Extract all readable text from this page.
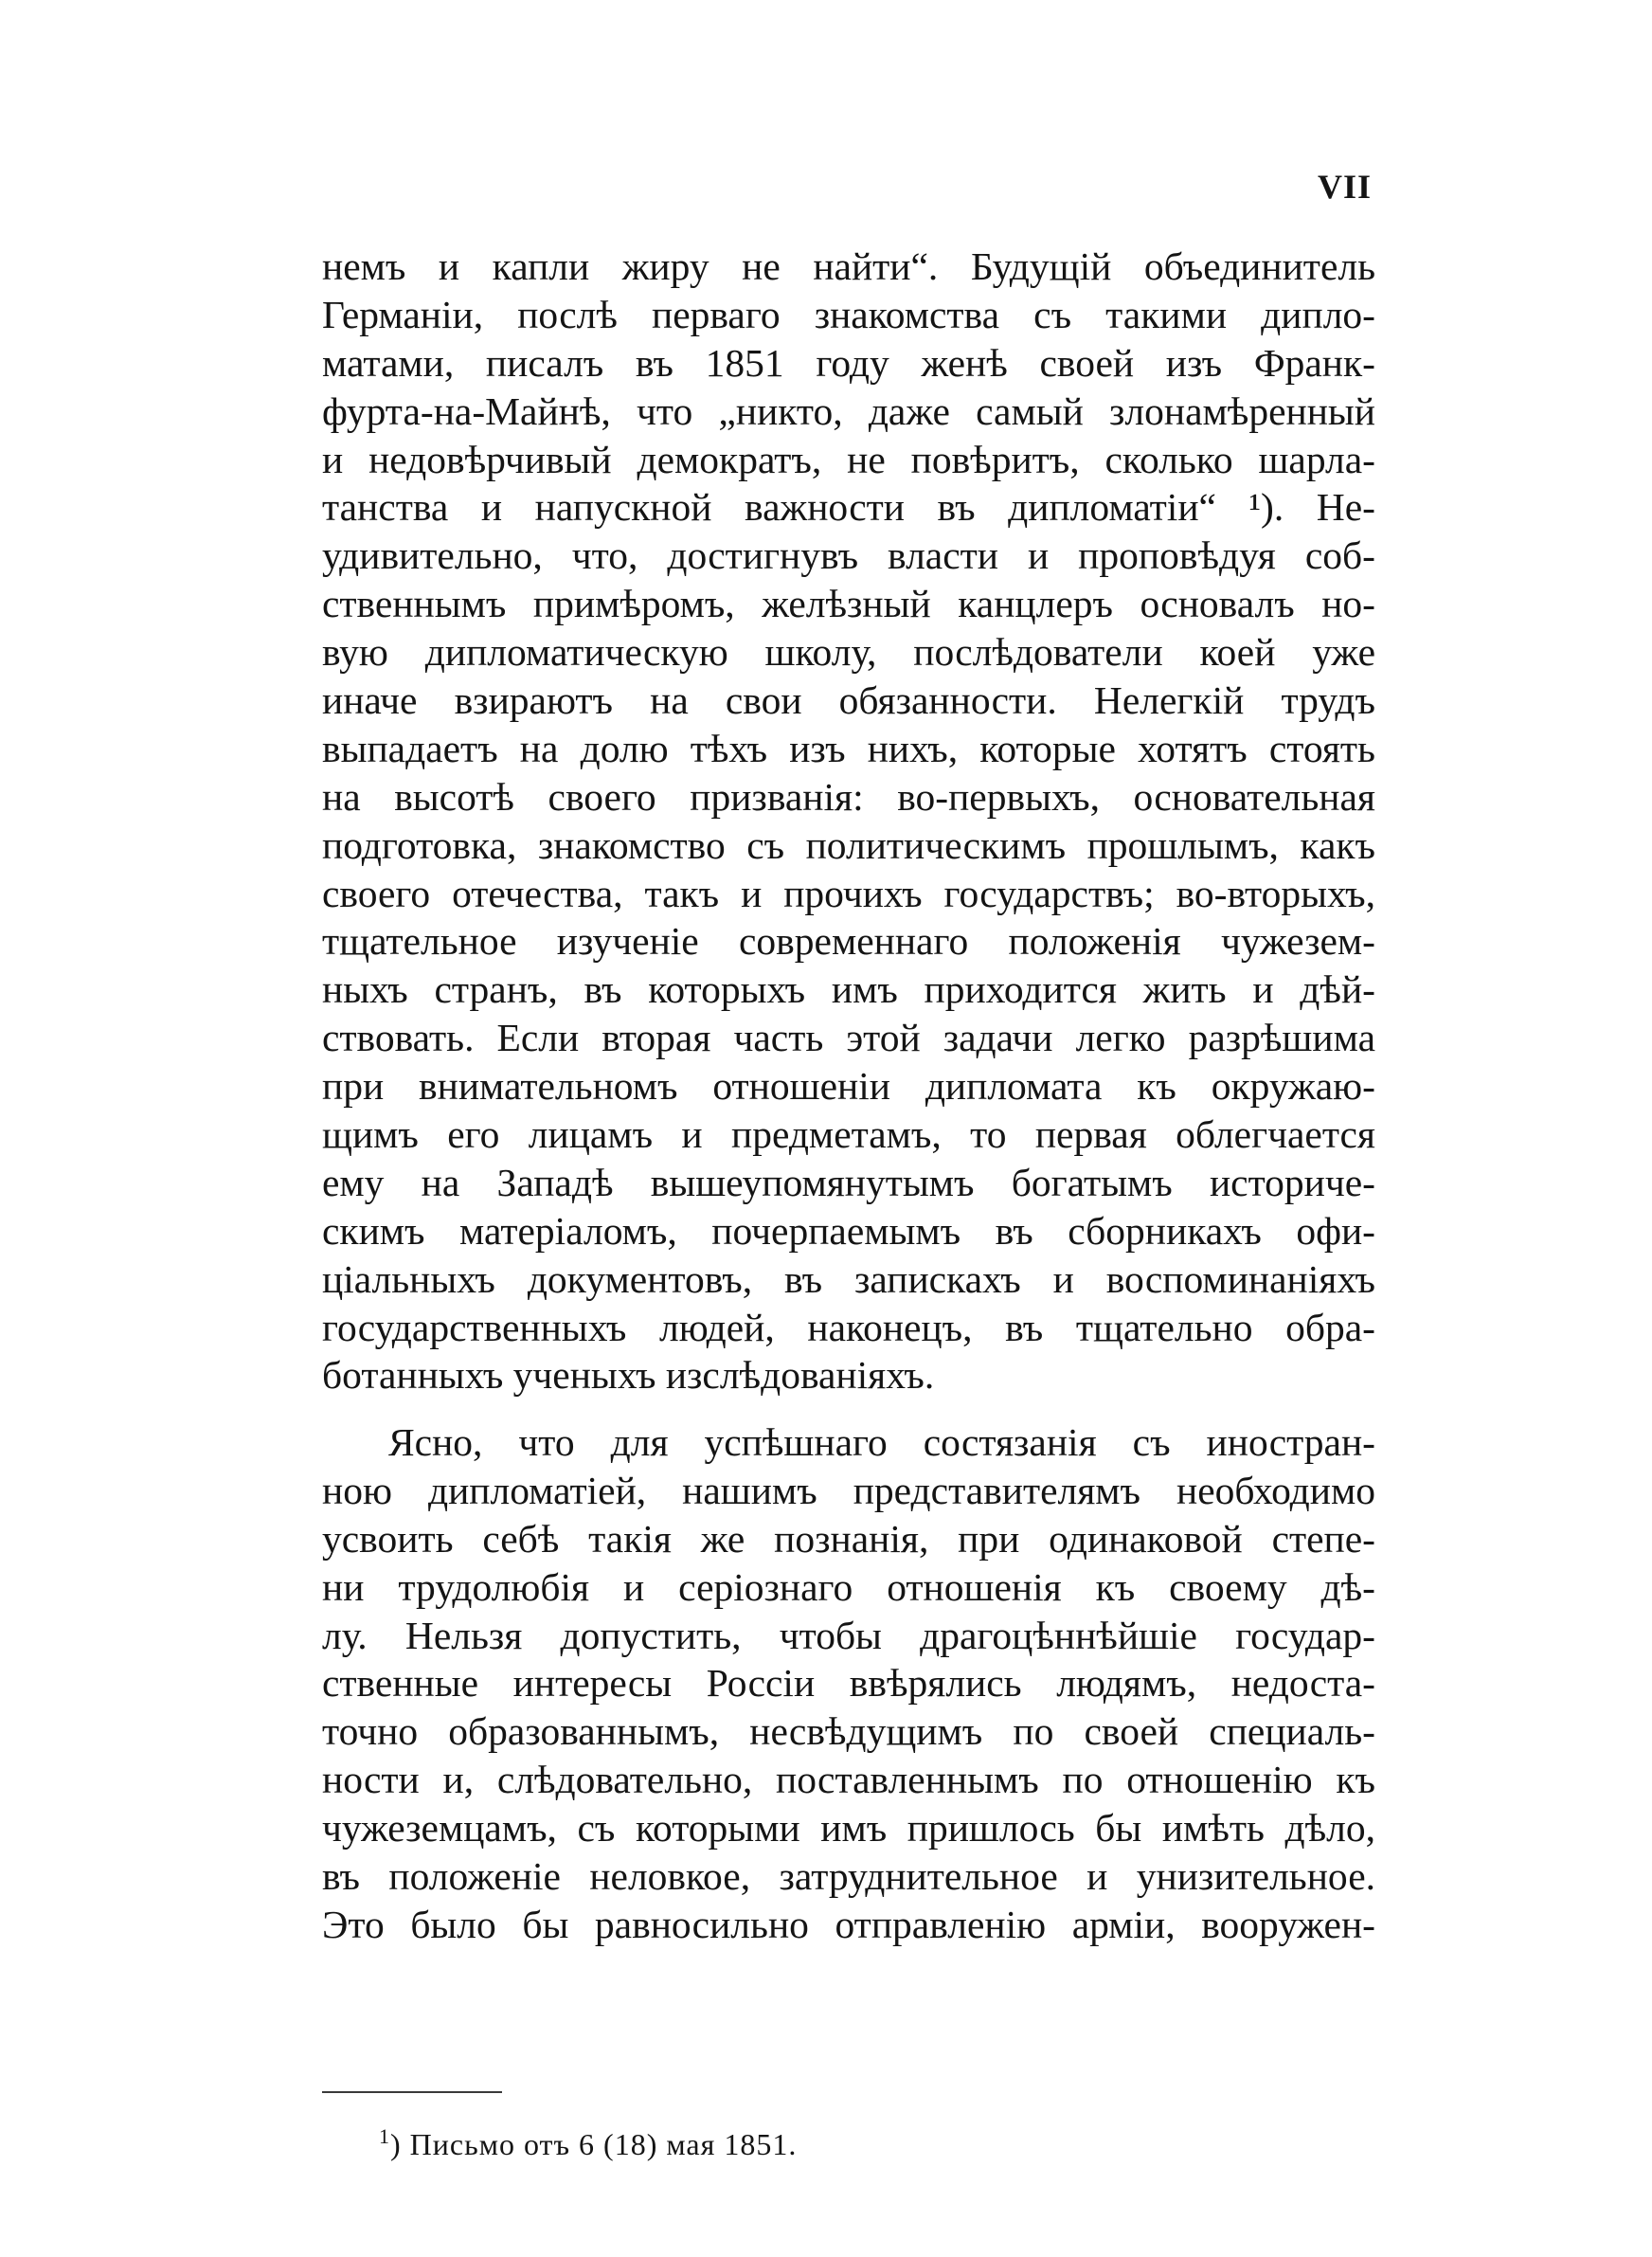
VII
немъ и капли жиру не найти“. Будущій объединитель
Германіи, послѣ перваго знакомства съ такими дипло-
матами, писалъ въ 1851 году женѣ своей изъ Франк-
фурта-на-Майнѣ, что „никто, даже самый злонамѣренный
и недовѣрчивый демократъ, не повѣритъ, сколько шарла-
танства и напускной важности въ дипломатіи“ ¹). Не-
удивительно, что, достигнувъ власти и проповѣдуя соб-
ственнымъ примѣромъ, желѣзный канцлеръ основалъ но-
вую дипломатическую школу, послѣдователи коей уже
иначе взираютъ на свои обязанности. Нелегкій трудъ
выпадаетъ на долю тѣхъ изъ нихъ, которые хотятъ стоять
на высотѣ своего призванія: во-первыхъ, основательная
подготовка, знакомство съ политическимъ прошлымъ, какъ
своего отечества, такъ и прочихъ государствъ; во-вторыхъ,
тщательное изученіе современнаго положенія чужезем-
ныхъ странъ, въ которыхъ имъ приходится жить и дѣй-
ствовать. Если вторая часть этой задачи легко разрѣшима
при внимательномъ отношеніи дипломата къ окружаю-
щимъ его лицамъ и предметамъ, то первая облегчается
ему на Западѣ вышеупомянутымъ богатымъ историче-
скимъ матеріаломъ, почерпаемымъ въ сборникахъ офи-
ціальныхъ документовъ, въ запискахъ и воспоминаніяхъ
государственныхъ людей, наконецъ, въ тщательно обра-
ботанныхъ ученыхъ изслѣдованіяхъ.
Ясно, что для успѣшнаго состязанія съ иностран-
ною дипломатіей, нашимъ представителямъ необходимо
усвоить себѣ такія же познанія, при одинаковой степе-
ни трудолюбія и серіознаго отношенія къ своему дѣ-
лу. Нельзя допустить, чтобы драгоцѣннѣйшіе государ-
ственные интересы Россіи ввѣрялись людямъ, недоста-
точно образованнымъ, несвѣдущимъ по своей специаль-
ности и, слѣдовательно, поставленнымъ по отношенію къ
чужеземцамъ, съ которыми имъ пришлось бы имѣть дѣло,
въ положеніе неловкое, затруднительное и унизительное.
Это было бы равносильно отправленію арміи, вооружен-
$^1$) Письмо отъ 6 (18) мая 1851.
